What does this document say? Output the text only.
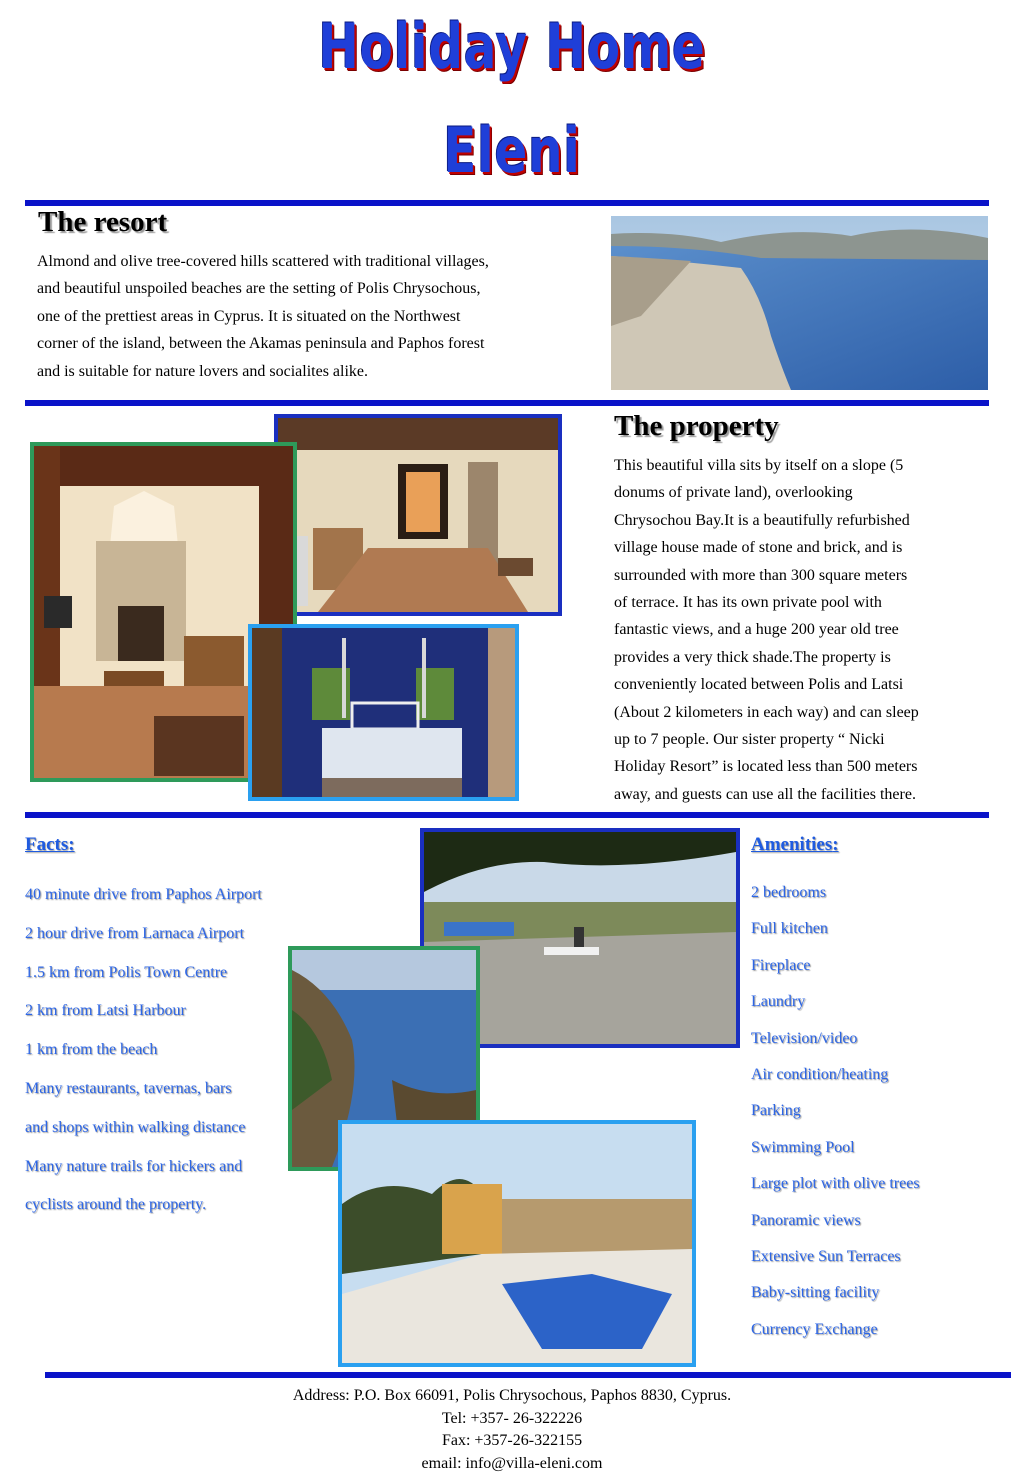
Holiday Home
Eleni
The resort
Almond and olive tree-covered hills scattered with traditional villages,
and beautiful unspoiled beaches are the setting of Polis Chrysochous,
one of the prettiest areas in Cyprus. It is situated on the Northwest
corner of the island, between the Akamas peninsula and Paphos forest
and is suitable for nature lovers and socialites alike.
The property
This beautiful villa sits by itself on a slope (5
donums of private land), overlooking
Chrysochou Bay.It is a beautifully refurbished
village house made of stone and brick, and is
surrounded with more than 300 square meters
of terrace. It has its own private pool with
fantastic views, and a huge 200 year old tree
provides a very thick shade.The property is
conveniently located between Polis and Latsi
(About 2 kilometers in each way) and can sleep
up to 7 people. Our sister property “ Nicki
Holiday Resort” is located less than 500 meters
away, and guests can use all the facilities there.
Facts:
40 minute drive from Paphos Airport
2 hour drive from Larnaca Airport
1.5 km from Polis Town Centre
2 km from Latsi Harbour
1 km from the beach
Many restaurants, tavernas, bars
and shops within walking distance
Many nature trails for hickers and
cyclists around the property.
Amenities:
2 bedrooms
Full kitchen
Fireplace
Laundry
Television/video
Air condition/heating
Parking
Swimming Pool
Large plot with olive trees
Panoramic views
Extensive Sun Terraces
Baby-sitting facility
Currency Exchange
Address: P.O. Box 66091, Polis Chrysochous, Paphos 8830, Cyprus.
Tel: +357- 26-322226
Fax: +357-26-322155
email: info@villa-eleni.com
